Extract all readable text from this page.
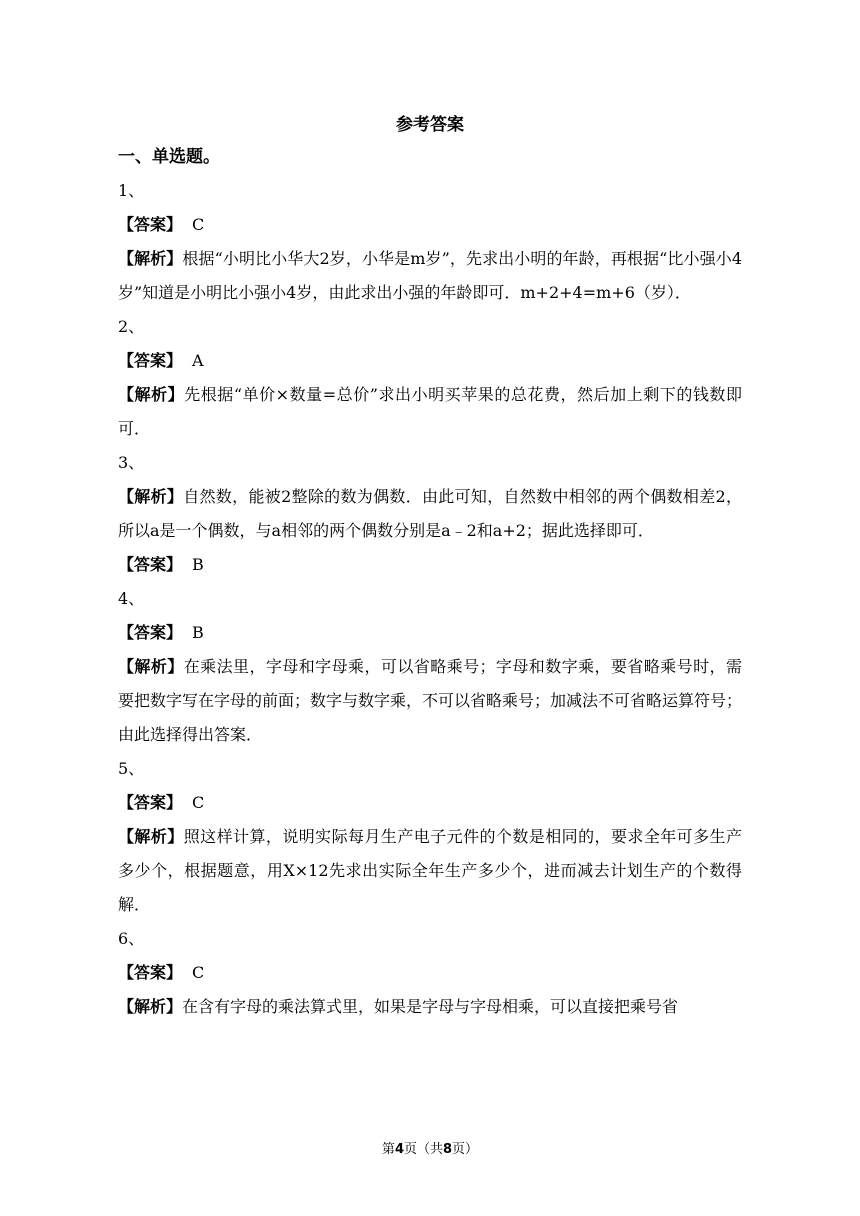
参考答案
一、单选题。
1、
【答案】 C
【解析】根据“小明比小华大2岁，小华是m岁”，先求出小明的年龄，再根据“比小强小4岁”知道是小明比小强小4岁，由此求出小强的年龄即可．m+2+4=m+6（岁）．
2、
【答案】 A
【解析】先根据“单价×数量=总价”求出小明买苹果的总花费，然后加上剩下的钱数即可．
3、
【解析】自然数，能被2整除的数为偶数．由此可知，自然数中相邻的两个偶数相差2，所以a是一个偶数，与a相邻的两个偶数分别是a﹣2和a+2；据此选择即可．
【答案】 B
4、
【答案】 B
【解析】在乘法里，字母和字母乘，可以省略乘号；字母和数字乘，要省略乘号时，需要把数字写在字母的前面；数字与数字乘，不可以省略乘号；加减法不可省略运算符号；由此选择得出答案．
5、
【答案】 C
【解析】照这样计算，说明实际每月生产电子元件的个数是相同的，要求全年可多生产多少个，根据题意，用X×12先求出实际全年生产多少个，进而减去计划生产的个数得解．
6、
【答案】 C
【解析】在含有字母的乘法算式里，如果是字母与字母相乘，可以直接把乘号省
第4页（共8页）
